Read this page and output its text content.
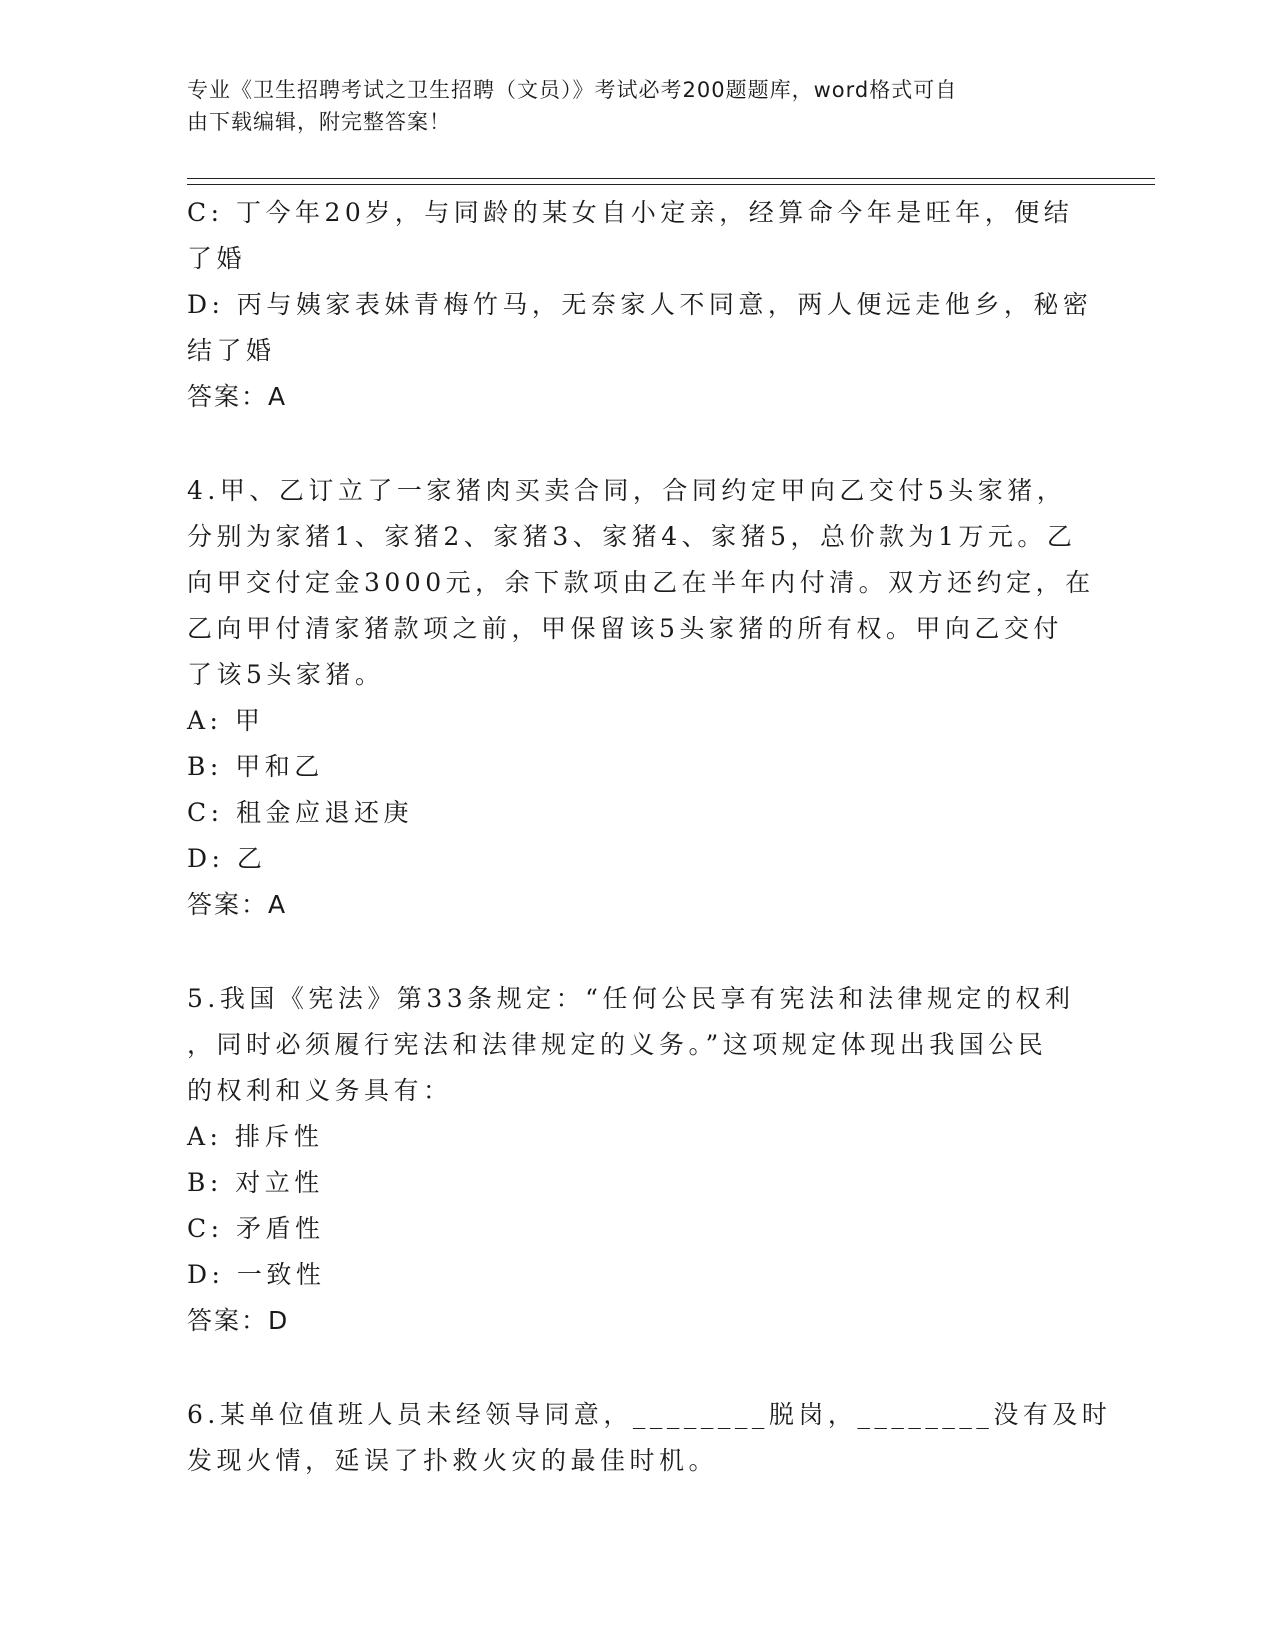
专业《卫生招聘考试之卫生招聘（文员）》考试必考200题题库，word格式可自
由下载编辑，附完整答案！
C: 丁今年20岁，与同龄的某女自小定亲，经算命今年是旺年，便结
了婚
D: 丙与姨家表妹青梅竹马，无奈家人不同意，两人便远走他乡，秘密
结了婚
答案：A
4.甲、乙订立了一家猪肉买卖合同，合同约定甲向乙交付5头家猪，
分别为家猪1、家猪2、家猪3、家猪4、家猪5，总价款为1万元。乙
向甲交付定金3000元，余下款项由乙在半年内付清。双方还约定，在
乙向甲付清家猪款项之前，甲保留该5头家猪的所有权。甲向乙交付
了该5头家猪。
A: 甲
B: 甲和乙
C: 租金应退还庚
D: 乙
答案：A
5.我国《宪法》第33条规定：“任何公民享有宪法和法律规定的权利
，同时必须履行宪法和法律规定的义务。”这项规定体现出我国公民
的权利和义务具有：
A: 排斥性
B: 对立性
C: 矛盾性
D: 一致性
答案：D
6.某单位值班人员未经领导同意，________脱岗，________没有及时
发现火情，延误了扑救火灾的最佳时机。
